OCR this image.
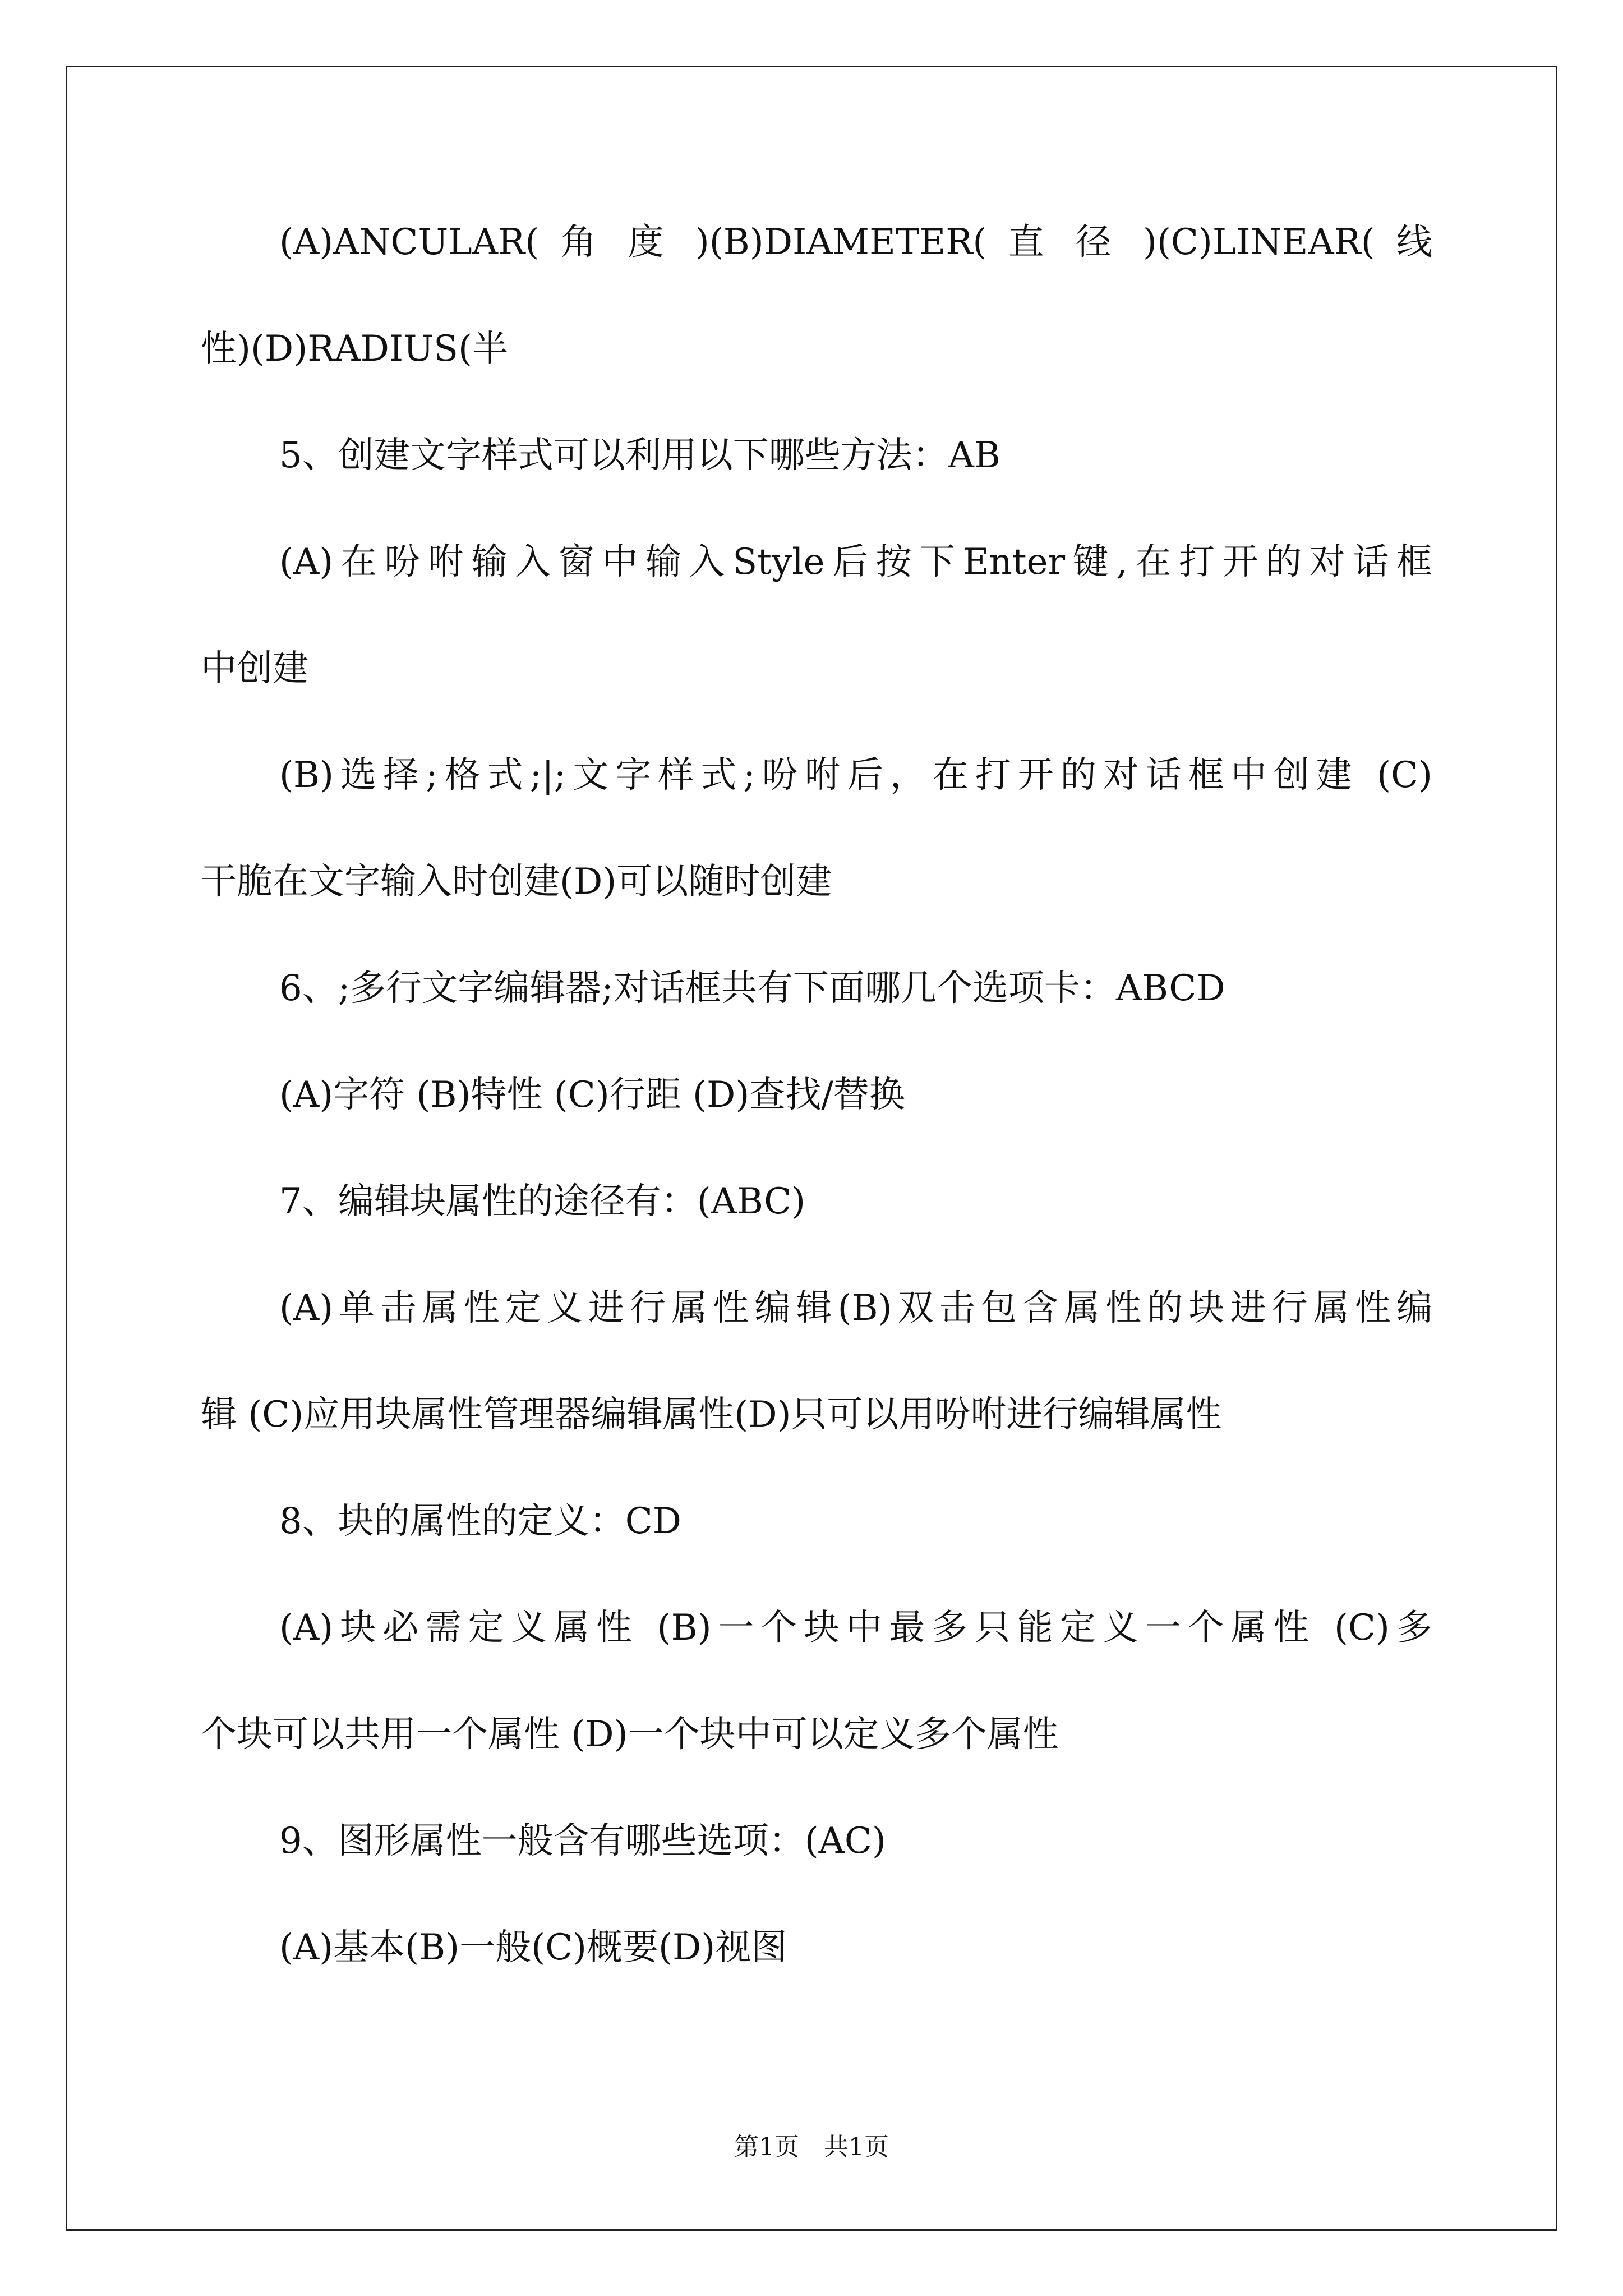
(A)ANCULAR( 角 度 )(B)DIAMETER( 直 径 )(C)LINEAR( 线

性)(D)RADIUS(半

5、创建文字样式可以利用以下哪些方法：AB

(A)在吩咐输入窗中输入Style后按下Enter键,在打开的对话框

中创建

(B)选择;格式;|;文字样式;吩咐后，在打开的对话框中创建 (C)

干脆在文字输入时创建(D)可以随时创建

6、;多行文字编辑器;对话框共有下面哪几个选项卡：ABCD

(A)字符 (B)特性 (C)行距 (D)查找/替换

7、编辑块属性的途径有：(ABC)

(A)单击属性定义进行属性编辑(B)双击包含属性的块进行属性编

辑 (C)应用块属性管理器编辑属性(D)只可以用吩咐进行编辑属性

8、块的属性的定义：CD

(A)块必需定义属性 (B)一个块中最多只能定义一个属性 (C)多

个块可以共用一个属性 (D)一个块中可以定义多个属性

9、图形属性一般含有哪些选项：(AC)

(A)基本(B)一般(C)概要(D)视图

第1页　共1页
